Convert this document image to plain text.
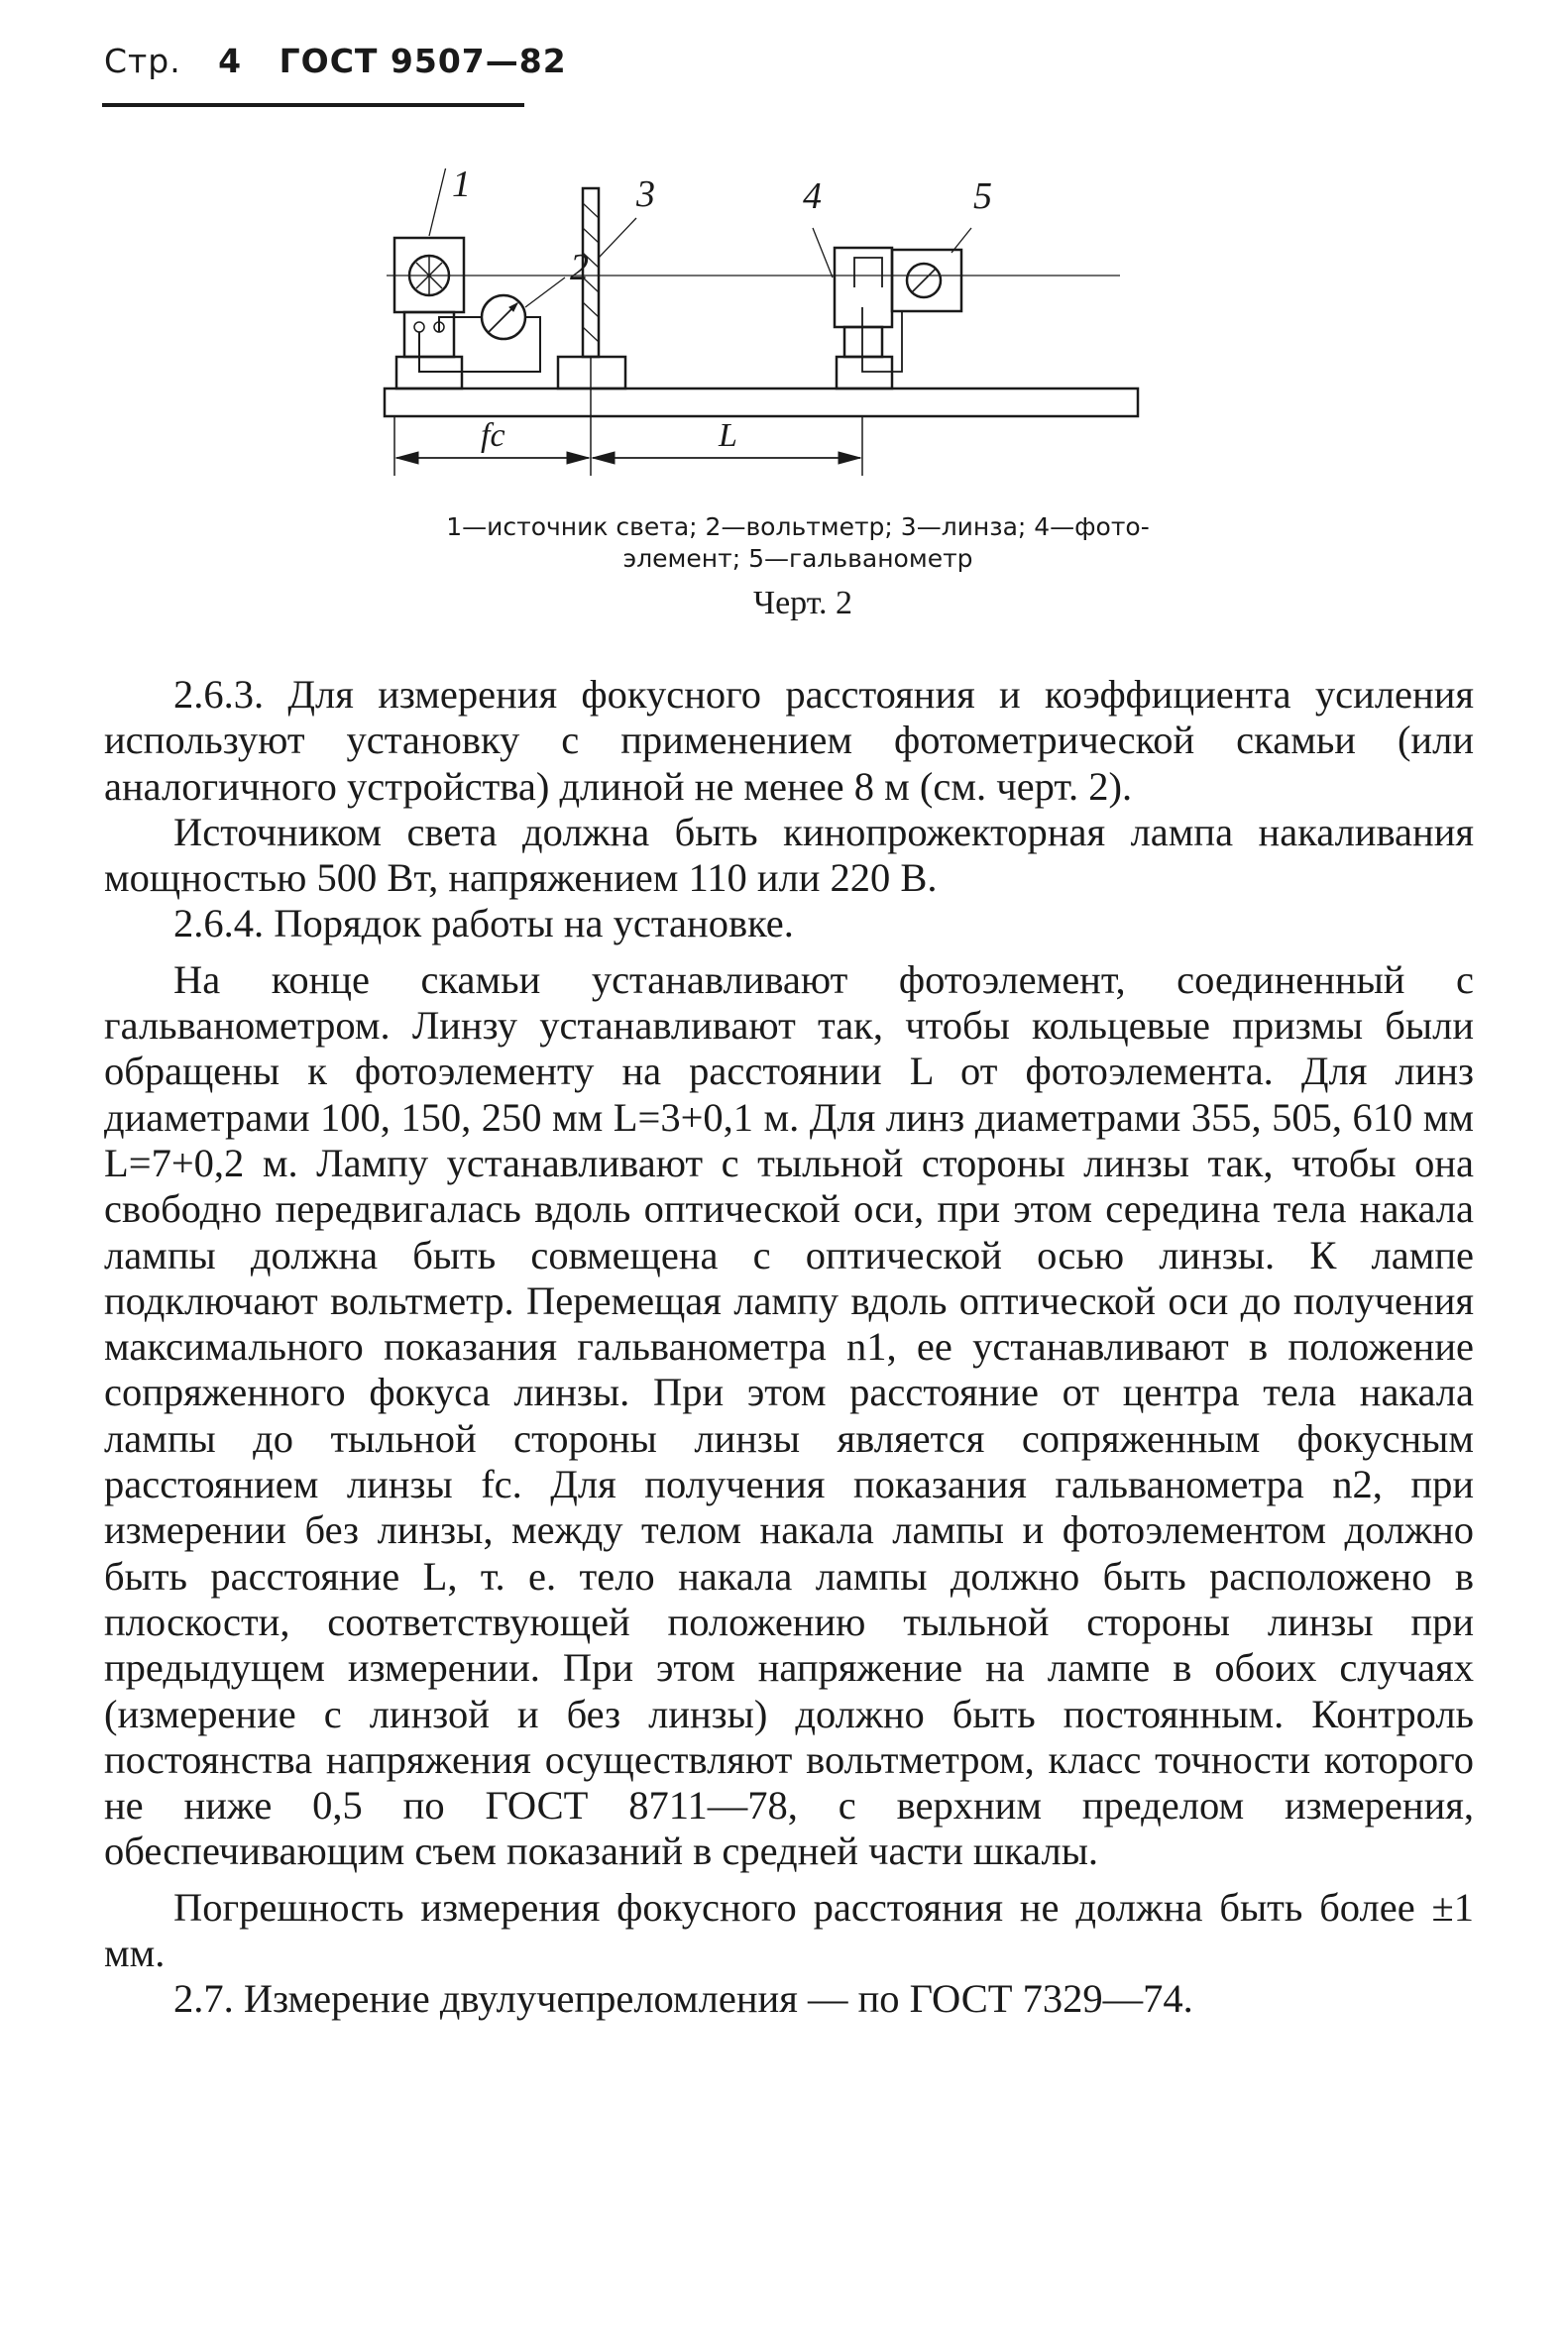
Стр. 4 ГОСТ 9507—82
1
2
3	4	5
fc	L
1—источник света; 2—вольтметр; 3—линза; 4—фото-
элемент; 5—гальванометр
Черт. 2

2.6.3. Для измерения фокусного расстояния и коэффициента усиления используют установку с применением фотометрической скамьи (или аналогичного устройства) длиной не менее 8 м (см. черт. 2).

Источником света должна быть кинопрожекторная лампа накаливания мощностью 500 Вт, напряжением 110 или 220 В.

2.6.4. Порядок работы на установке.

На конце скамьи устанавливают фотоэлемент, соединенный с гальванометром. Линзу устанавливают так, чтобы кольцевые призмы были обращены к фотоэлементу на расстоянии L от фотоэлемента. Для линз диаметрами 100, 150, 250 мм L=3+0,1 м. Для линз диаметрами 355, 505, 610 мм L=7+0,2 м. Лампу устанавливают с тыльной стороны линзы так, чтобы она свободно передвигалась вдоль оптической оси, при этом середина тела накала лампы должна быть совмещена с оптической осью линзы. К лампе подключают вольтметр. Перемещая лампу вдоль оптической оси до получения максимального показания гальванометра n1, ее устанавливают в положение сопряженного фокуса линзы. При этом расстояние от центра тела накала лампы до тыльной стороны линзы является сопряженным фокусным расстоянием линзы fc. Для получения показания гальванометра n2, при измерении без линзы, между телом накала лампы и фотоэлементом должно быть расстояние L, т. е. тело накала лампы должно быть расположено в плоскости, соответствующей положению тыльной стороны линзы при предыдущем измерении. При этом напряжение на лампе в обоих случаях (измерение с линзой и без линзы) должно быть постоянным. Контроль постоянства напряжения осуществляют вольтметром, класс точности которого не ниже 0,5 по ГОСТ 8711—78, с верхним пределом измерения, обеспечивающим съем показаний в средней части шкалы.

Погрешность измерения фокусного расстояния не должна быть более ±1 мм.

2.7. Измерение двулучепреломления — по ГОСТ 7329—74.
